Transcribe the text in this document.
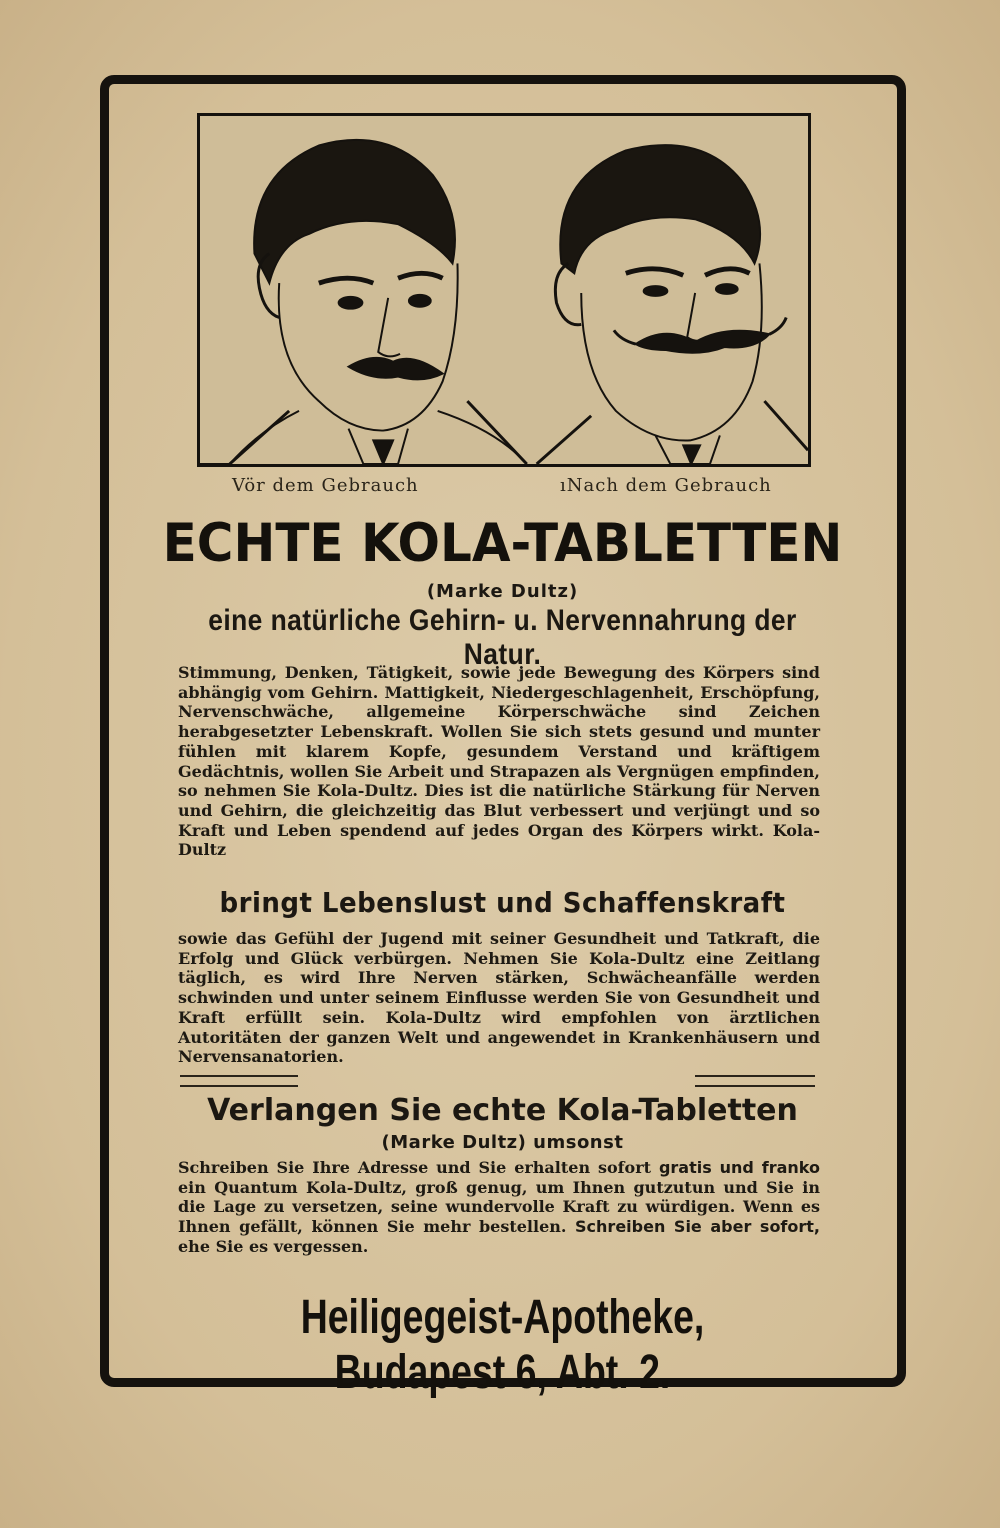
Vör dem Gebrauch	ıNach dem Gebrauch
ECHTE KOLA-TABLETTEN
(Marke Dultz)
eine natürliche Gehirn- u. Nervennahrung der Natur.
Stimmung, Denken, Tätigkeit, sowie jede Bewegung des Körpers sind abhängig vom Gehirn. Mattigkeit, Niedergeschlagenheit, Erschöpfung, Nervenschwäche, allgemeine Körperschwäche sind Zeichen herabgesetzter Lebenskraft. Wollen Sie sich stets gesund und munter fühlen mit klarem Kopfe, gesundem Verstand und kräftigem Gedächtnis, wollen Sie Arbeit und Strapazen als Vergnügen empfinden, so nehmen Sie Kola-Dultz. Dies ist die natürliche Stärkung für Nerven und Gehirn, die gleichzeitig das Blut verbessert und verjüngt und so Kraft und Leben spendend auf jedes Organ des Körpers wirkt. Kola-Dultz
bringt Lebenslust und Schaffenskraft
sowie das Gefühl der Jugend mit seiner Gesundheit und Tatkraft, die Erfolg und Glück verbürgen. Nehmen Sie Kola-Dultz eine Zeitlang täglich, es wird Ihre Nerven stärken, Schwächeanfälle werden schwinden und unter seinem Einflusse werden Sie von Gesundheit und Kraft erfüllt sein. Kola-Dultz wird empfohlen von ärztlichen Autoritäten der ganzen Welt und angewendet in Krankenhäusern und Nervensanatorien.
Verlangen Sie echte Kola-Tabletten
(Marke Dultz) umsonst
Schreiben Sie Ihre Adresse und Sie erhalten sofort gratis und franko ein Quantum Kola-Dultz, groß genug, um Ihnen gutzutun und Sie in die Lage zu versetzen, seine wundervolle Kraft zu würdigen. Wenn es Ihnen gefällt, können Sie mehr bestellen. Schreiben Sie aber sofort, ehe Sie es vergessen.
Heiligegeist-Apotheke, Budapest 6, Abt. 2.
